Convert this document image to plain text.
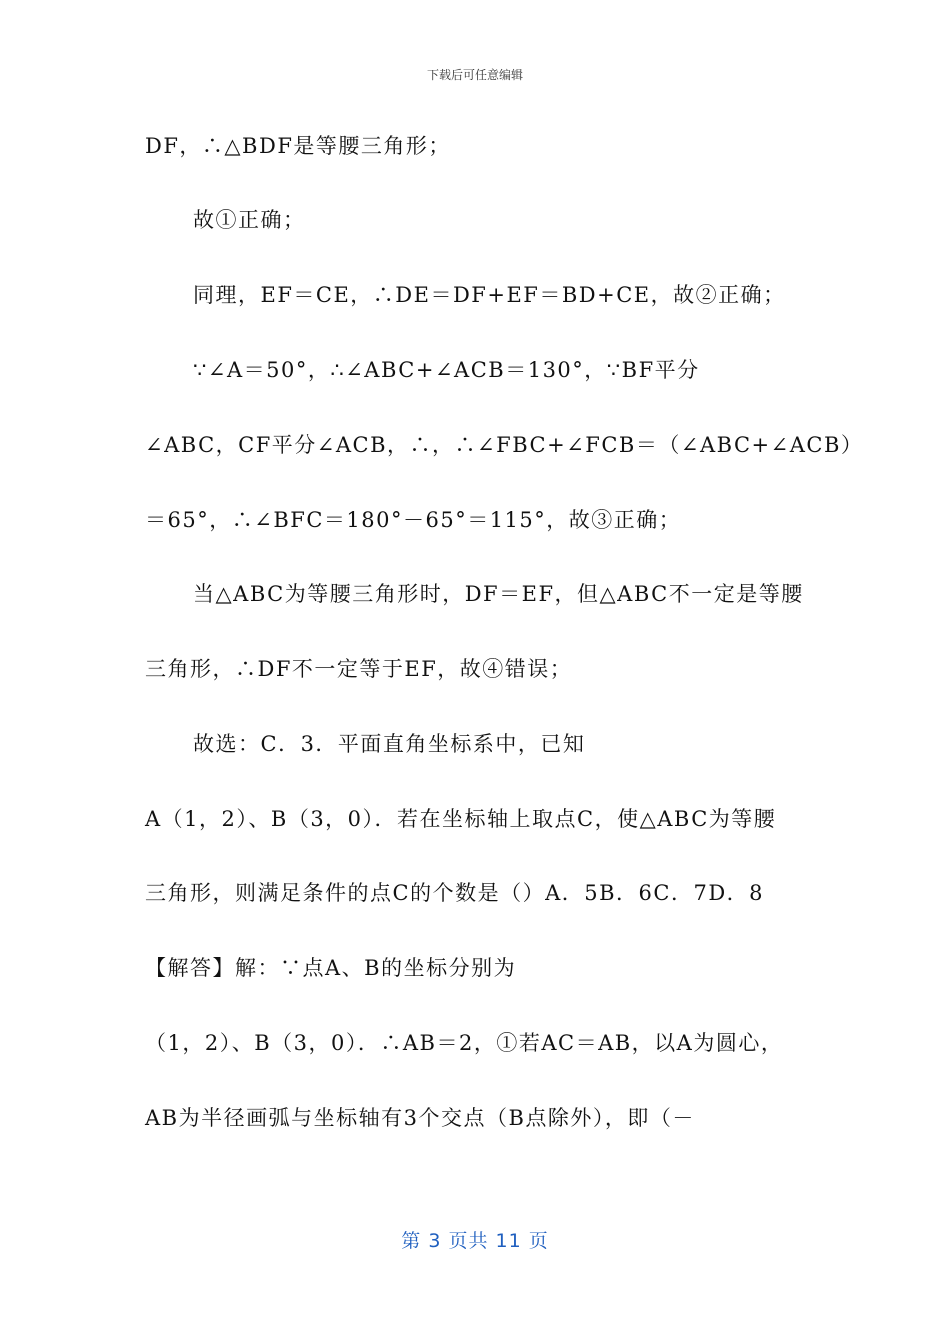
下载后可任意编辑
DF，∴△BDF是等腰三角形；
故①正确；
同理，EF＝CE，∴DE＝DF+EF＝BD+CE，故②正确；
∵∠A＝50°，∴∠ABC+∠ACB＝130°，∵BF平分
∠ABC，CF平分∠ACB，∴，∴∠FBC+∠FCB＝（∠ABC+∠ACB）
＝65°，∴∠BFC＝180°－65°＝115°，故③正确；
当△ABC为等腰三角形时，DF＝EF，但△ABC不一定是等腰
三角形，∴DF不一定等于EF，故④错误；
故选：C．3．平面直角坐标系中，已知
A（1，2）、B（3，0）．若在坐标轴上取点C，使△ABC为等腰
三角形，则满足条件的点C的个数是（）A．5B．6C．7D．8
【解答】解：∵点A、B的坐标分别为
（1，2）、B（3，0）．∴AB＝2，①若AC＝AB，以A为圆心，
AB为半径画弧与坐标轴有3个交点（B点除外），即（－
第 3 页共 11 页
